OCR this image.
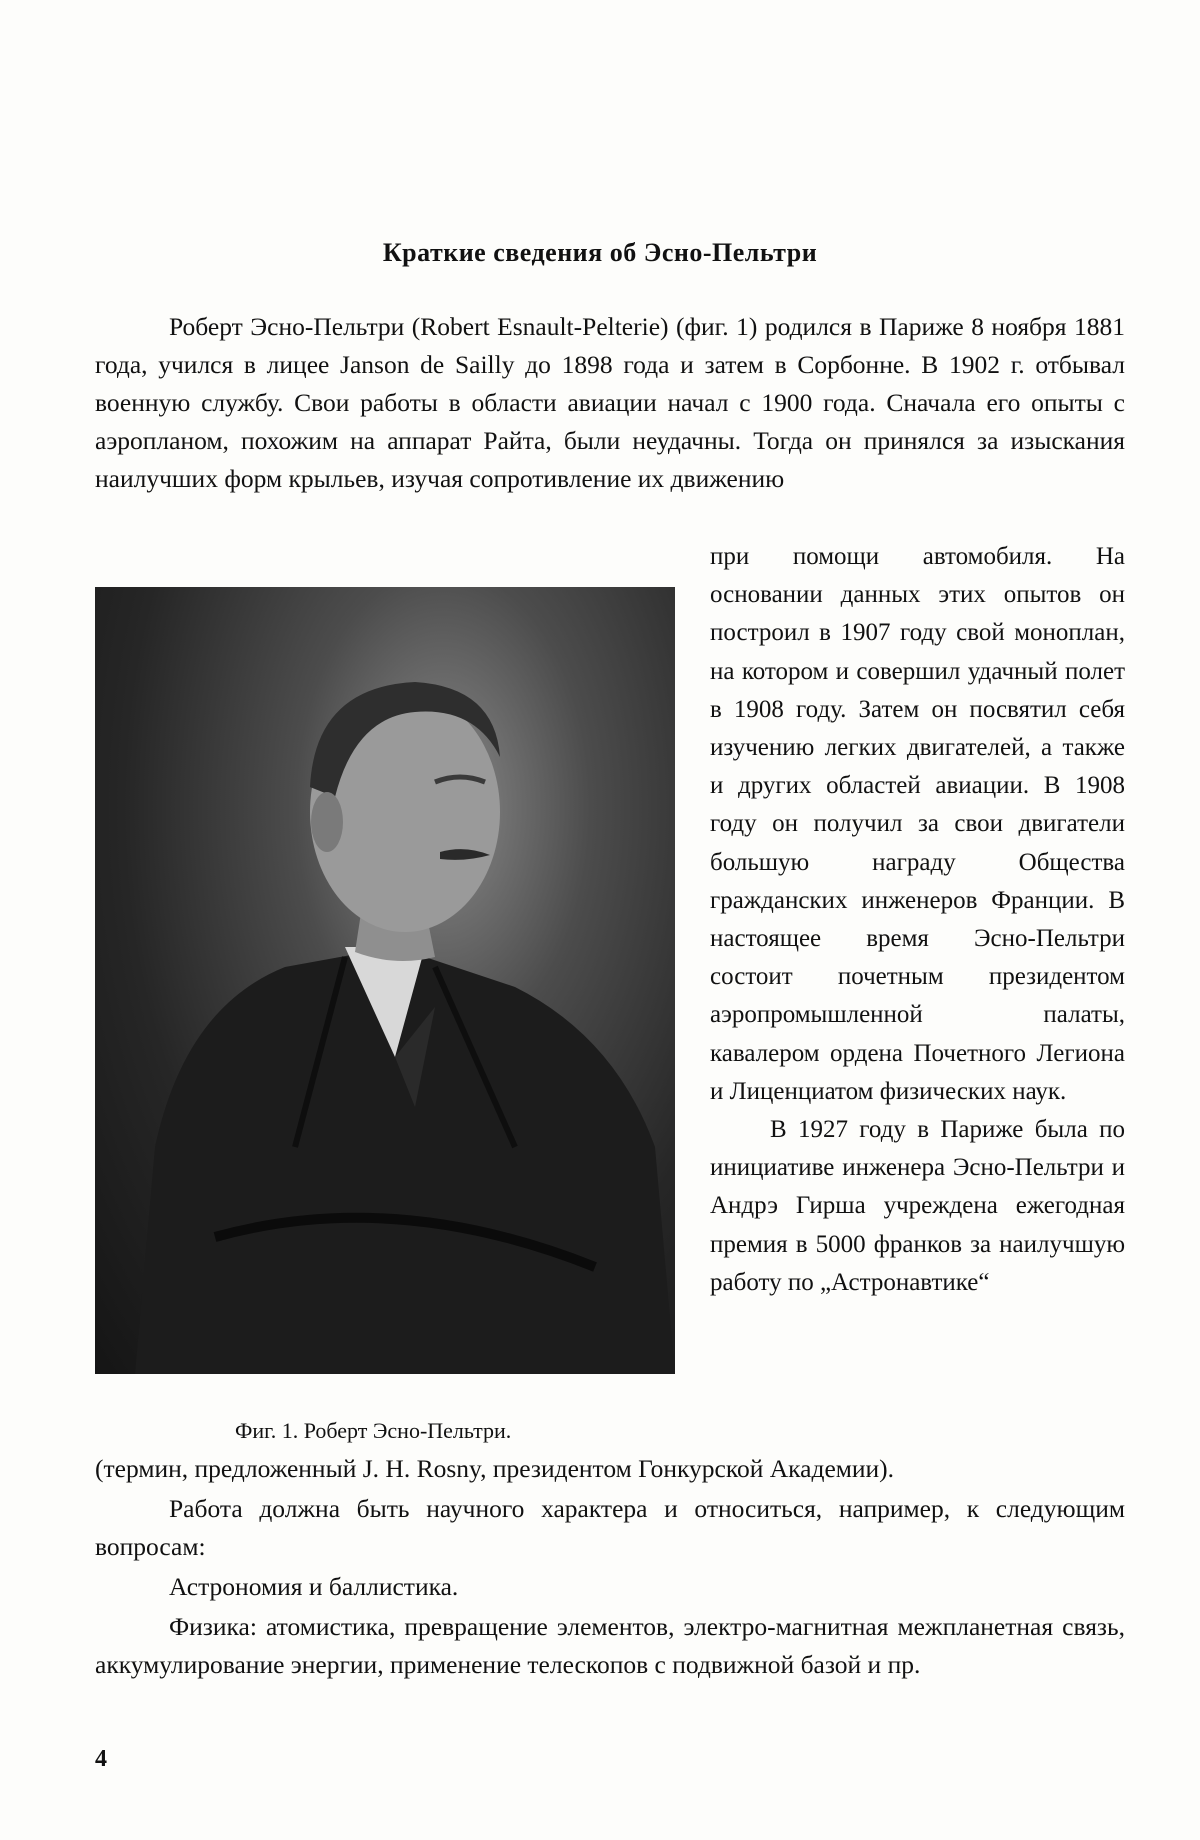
Краткие сведения об Эсно-Пельтри

Роберт Эсно-Пельтри (Robert Esnault-Pelterie) (фиг. 1) родился в Париже 8 ноября 1881 года, учился в лицее Janson de Sailly до 1898 года и затем в Сорбонне. В 1902 г. отбывал военную службу. Свои работы в области авиации начал с 1900 года. Сначала его опыты с аэропланом, похожим на аппарат Райта, были неудачны. Тогда он принялся за изыскания наилучших форм крыльев, изучая сопротивление их движению

при помощи автомобиля. На основании данных этих опытов он построил в 1907 году свой моноплан, на котором и совершил удачный полет в 1908 году. Затем он посвятил себя изучению легких двигателей, а также и других областей авиации. В 1908 году он получил за свои двигатели большую награду Общества гражданских инженеров Франции. В настоящее время Эсно-Пельтри состоит почетным президентом аэропромышленной палаты, кавалером ордена Почетного Легиона и Лиценциатом физических наук.

В 1927 году в Париже была по инициативе инженера Эсно-Пельтри и Андрэ Гирша учреждена ежегодная премия в 5000 франков за наилучшую работу по „Астронавтике“

Фиг. 1. Роберт Эсно-Пельтри.

(термин, предложенный J. H. Rosny, президентом Гонкурской Академии).

Работа должна быть научного характера и относиться, например, к следующим вопросам:

Астрономия и баллистика.

Физика: атомистика, превращение элементов, электро-магнитная межпланетная связь, аккумулирование энергии, применение телескопов с подвижной базой и пр.

4
